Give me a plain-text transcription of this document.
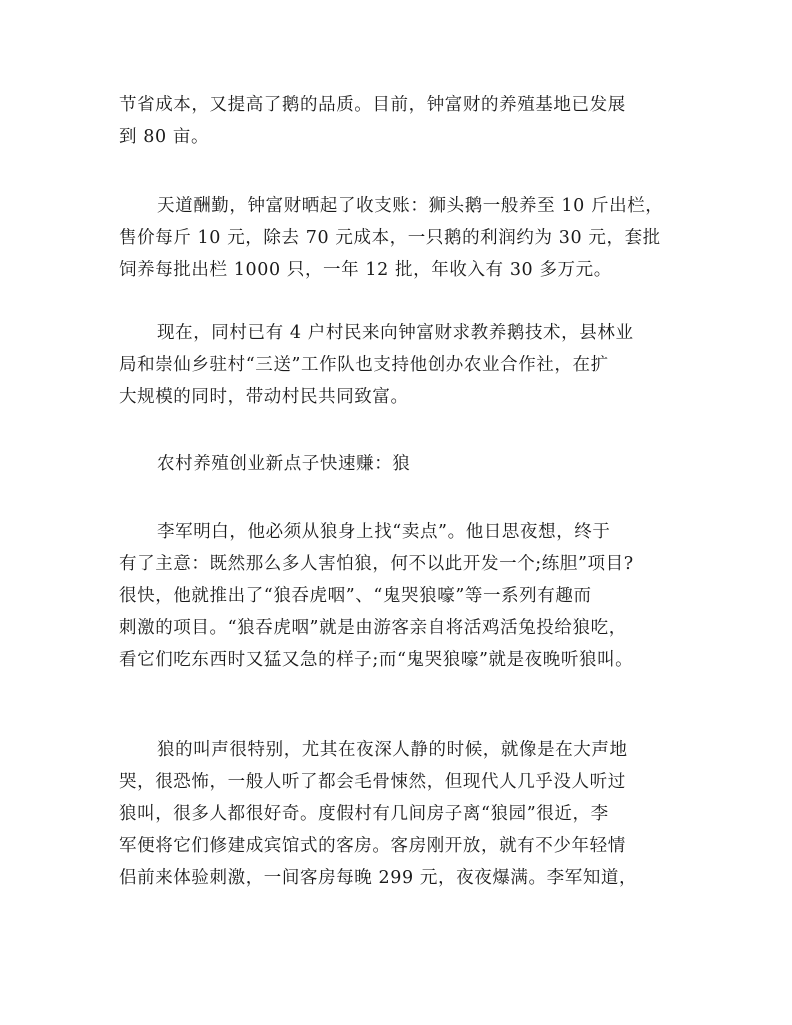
节省成本，又提高了鹅的品质。目前，钟富财的养殖基地已发展
到 80 亩。
天道酬勤，钟富财晒起了收支账：狮头鹅一般养至 10 斤出栏，
售价每斤 10 元，除去 70 元成本，一只鹅的利润约为 30 元，套批
饲养每批出栏 1000 只，一年 12 批，年收入有 30 多万元。
现在，同村已有 4 户村民来向钟富财求教养鹅技术，县林业
局和崇仙乡驻村“三送”工作队也支持他创办农业合作社，在扩
大规模的同时，带动村民共同致富。
农村养殖创业新点子快速赚：狼
李军明白，他必须从狼身上找“卖点”。他日思夜想，终于
有了主意：既然那么多人害怕狼，何不以此开发一个;练胆”项目?
很快，他就推出了“狼吞虎咽”、“鬼哭狼嚎”等一系列有趣而
刺激的项目。“狼吞虎咽”就是由游客亲自将活鸡活兔投给狼吃，
看它们吃东西时又猛又急的样子;而“鬼哭狼嚎”就是夜晚听狼叫。
狼的叫声很特别，尤其在夜深人静的时候，就像是在大声地
哭，很恐怖，一般人听了都会毛骨悚然，但现代人几乎没人听过
狼叫，很多人都很好奇。度假村有几间房子离“狼园”很近，李
军便将它们修建成宾馆式的客房。客房刚开放，就有不少年轻情
侣前来体验刺激，一间客房每晚 299 元，夜夜爆满。李军知道，
